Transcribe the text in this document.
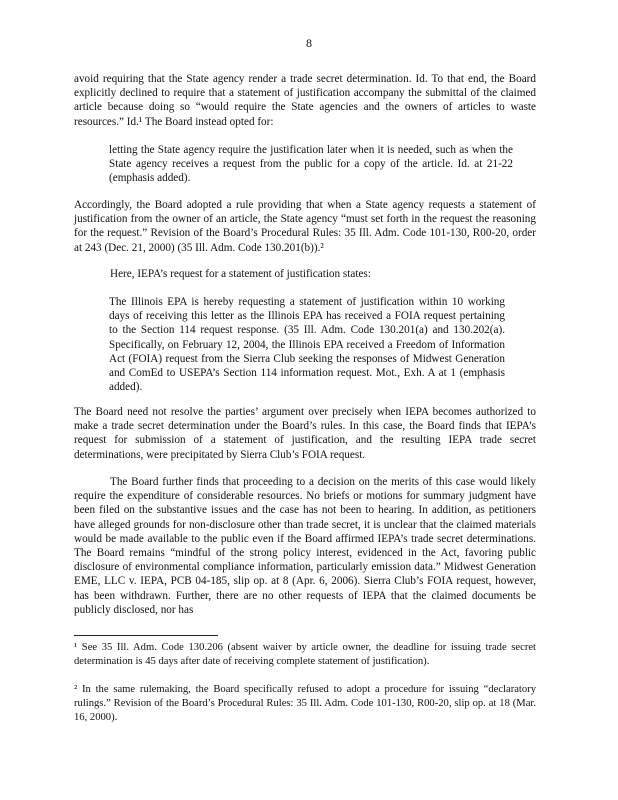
8

avoid requiring that the State agency render a trade secret determination. Id. To that end, the Board explicitly declined to require that a statement of justification accompany the submittal of the claimed article because doing so “would require the State agencies and the owners of articles to waste resources.” Id.¹ The Board instead opted for:

letting the State agency require the justification later when it is needed, such as when the State agency receives a request from the public for a copy of the article. Id. at 21-22 (emphasis added).

Accordingly, the Board adopted a rule providing that when a State agency requests a statement of justification from the owner of an article, the State agency “must set forth in the request the reasoning for the request.” Revision of the Board’s Procedural Rules: 35 Ill. Adm. Code 101-130, R00-20, order at 243 (Dec. 21, 2000) (35 Ill. Adm. Code 130.201(b)).²

Here, IEPA’s request for a statement of justification states:

The Illinois EPA is hereby requesting a statement of justification within 10 working days of receiving this letter as the Illinois EPA has received a FOIA request pertaining to the Section 114 request response. (35 Ill. Adm. Code 130.201(a) and 130.202(a). Specifically, on February 12, 2004, the Illinois EPA received a Freedom of Information Act (FOIA) request from the Sierra Club seeking the responses of Midwest Generation and ComEd to USEPA’s Section 114 information request. Mot., Exh. A at 1 (emphasis added).

The Board need not resolve the parties’ argument over precisely when IEPA becomes authorized to make a trade secret determination under the Board’s rules. In this case, the Board finds that IEPA’s request for submission of a statement of justification, and the resulting IEPA trade secret determinations, were precipitated by Sierra Club’s FOIA request.

The Board further finds that proceeding to a decision on the merits of this case would likely require the expenditure of considerable resources. No briefs or motions for summary judgment have been filed on the substantive issues and the case has not been to hearing. In addition, as petitioners have alleged grounds for non-disclosure other than trade secret, it is unclear that the claimed materials would be made available to the public even if the Board affirmed IEPA’s trade secret determinations. The Board remains “mindful of the strong policy interest, evidenced in the Act, favoring public disclosure of environmental compliance information, particularly emission data.” Midwest Generation EME, LLC v. IEPA, PCB 04-185, slip op. at 8 (Apr. 6, 2006). Sierra Club’s FOIA request, however, has been withdrawn. Further, there are no other requests of IEPA that the claimed documents be publicly disclosed, nor has

¹ See 35 Ill. Adm. Code 130.206 (absent waiver by article owner, the deadline for issuing trade secret determination is 45 days after date of receiving complete statement of justification).

² In the same rulemaking, the Board specifically refused to adopt a procedure for issuing “declaratory rulings.” Revision of the Board’s Procedural Rules: 35 Ill. Adm. Code 101-130, R00-20, slip op. at 18 (Mar. 16, 2000).
